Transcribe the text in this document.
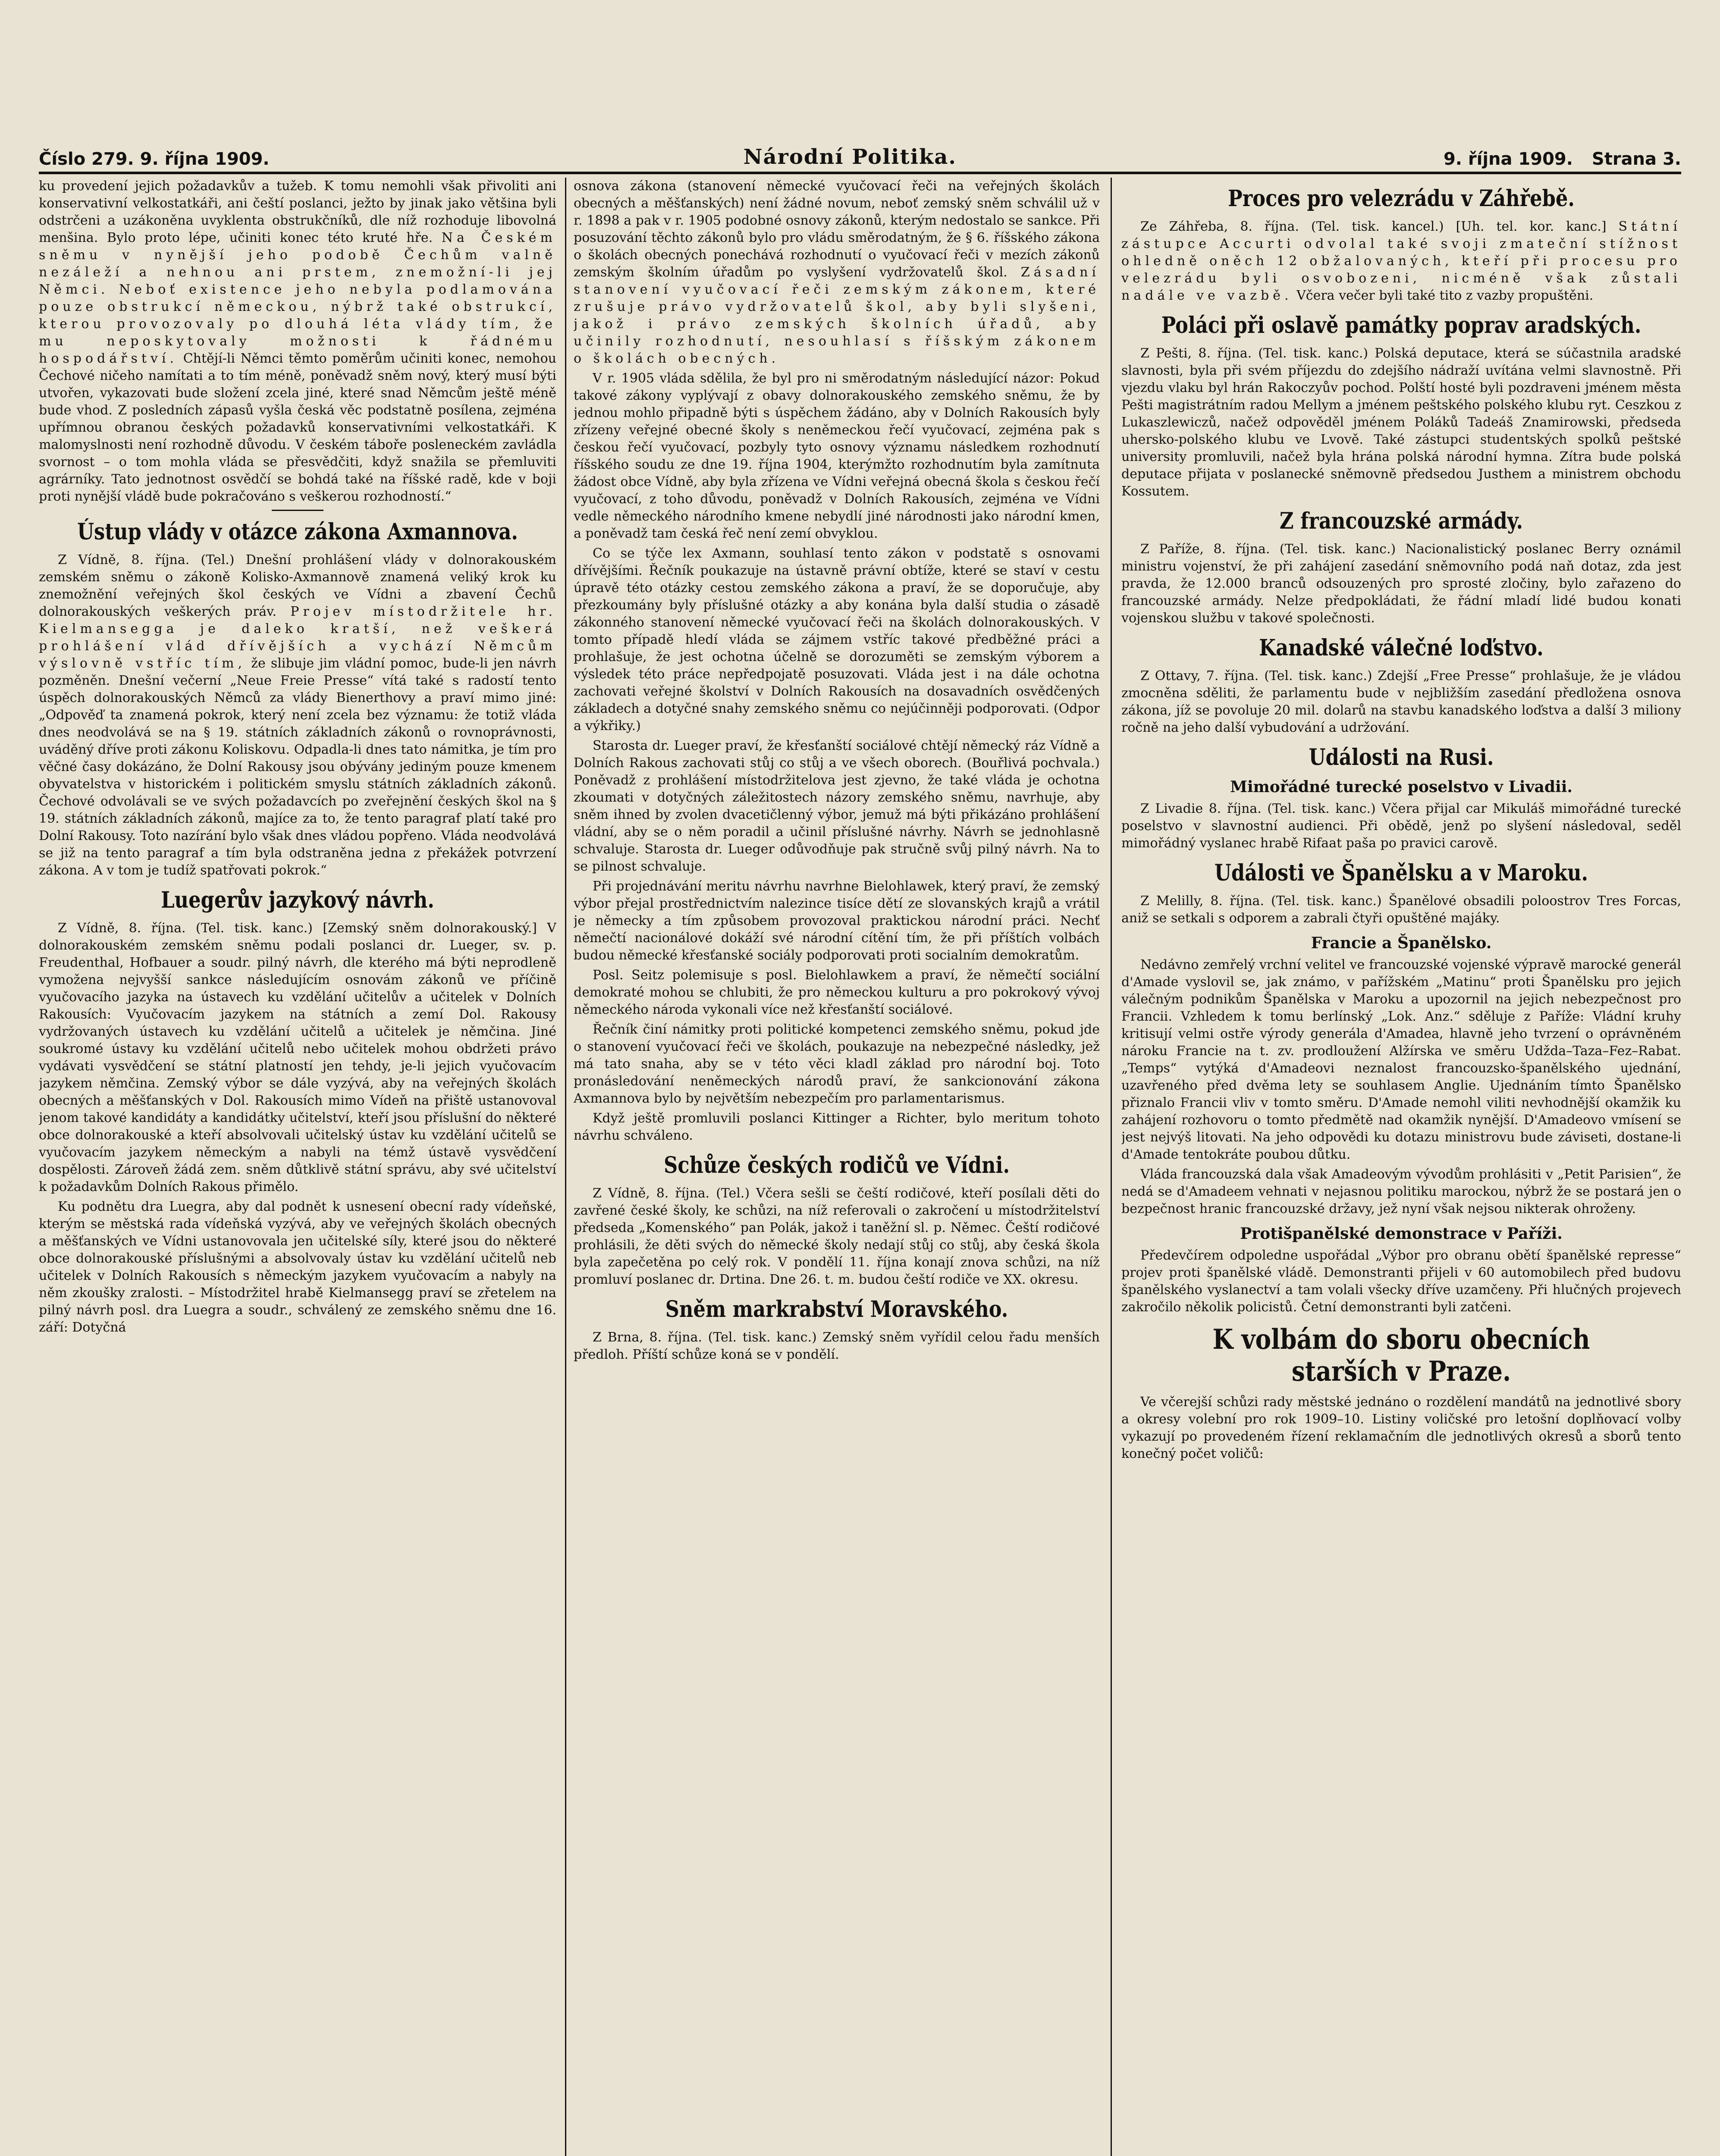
Číslo 279. 9. října 1909.	Národní Politika.	9. října 1909. Strana 3.

ku provedení jejich požadavkův a tužeb. K tomu nemohli však přivoliti ani konservativní velkostatkáři, ani čeští poslanci, ježto by jinak jako většina byli odstrčeni a uzákoněna uvyklenta obstrukčníků, dle níž rozhoduje libovolná menšina. Bylo proto lépe, učiniti konec této kruté hře. Na Českém sněmu v nynější jeho podobě Čechům valně nezáleží a nehnou ani prstem, znemožní-li jej Němci. Neboť existence jeho nebyla podlamována pouze obstrukcí německou, nýbrž také obstrukcí, kterou provozovaly po dlouhá léta vlády tím, že mu neposkytovaly možnosti k řádnému hospodářství. Chtějí-li Němci těmto poměrům učiniti konec, nemohou Čechové ničeho namítati a to tím méně, poněvadž sněm nový, který musí býti utvořen, vykazovati bude složení zcela jiné, které snad Němcům ještě méně bude vhod. Z posledních zápasů vyšla česká věc podstatně posílena, zejména upřímnou obranou českých požadavků konservativními velkostatkáři. K malomyslnosti není rozhodně důvodu. V českém táboře posleneckém zavládla svornost – o tom mohla vláda se přesvědčiti, když snažila se přemluviti agrárníky. Tato jednotnost osvědčí se bohdá také na říšské radě, kde v boji proti nynější vládě bude pokračováno s veškerou rozhodností.“

Ústup vlády v otázce zákona Axmannova.

Z Vídně, 8. října. (Tel.) Dnešní prohlášení vlády v dolnorakouském zemském sněmu o zákoně Kolisko-Axmannově znamená veliký krok ku znemožnění veřejných škol českých ve Vídni a zbavení Čechů dolnorakouských veškerých práv. Projev místodržitele hr. Kielmansegga je daleko kratší, než veškerá prohlášení vlád dřívějších a vychází Němcům výslovně vstříc tím, že slibuje jim vládní pomoc, bude-li jen návrh pozměněn. Dnešní večerní „Neue Freie Presse“ vítá také s radostí tento úspěch dolnorakouských Němců za vlády Bienerthovy a praví mimo jiné: „Odpověď ta znamená pokrok, který není zcela bez významu: že totiž vláda dnes neodvolává se na § 19. státních základních zákonů o rovnoprávnosti, uváděný dříve proti zákonu Koliskovu. Odpadla-li dnes tato námitka, je tím pro věčné časy dokázáno, že Dolní Rakousy jsou obývány jediným pouze kmenem obyvatelstva v historickém i politickém smyslu státních základních zákonů. Čechové odvolávali se ve svých požadavcích po zveřejnění českých škol na § 19. státních základních zákonů, majíce za to, že tento paragraf platí také pro Dolní Rakousy. Toto nazírání bylo však dnes vládou popřeno. Vláda neodvolává se již na tento paragraf a tím byla odstraněna jedna z překážek potvrzení zákona. A v tom je tudíž spatřovati pokrok.“

Luegerův jazykový návrh.

Z Vídně, 8. října. (Tel. tisk. kanc.) [Zemský sněm dolnorakouský.] V dolnorakouském zemském sněmu podali poslanci dr. Lueger, sv. p. Freudenthal, Hofbauer a soudr. pilný návrh, dle kterého má býti neprodleně vymožena nejvyšší sankce následujícím osnovám zákonů ve příčině vyučovacího jazyka na ústavech ku vzdělání učitelův a učitelek v Dolních Rakousích: Vyučovacím jazykem na státních a zemí Dol. Rakousy vydržovaných ústavech ku vzdělání učitelů a učitelek je němčina. Jiné soukromé ústavy ku vzdělání učitelů nebo učitelek mohou obdržeti právo vydávati vysvědčení se státní platností jen tehdy, je-li jejich vyučovacím jazykem němčina. Zemský výbor se dále vyzývá, aby na veřejných školách obecných a měšťanských v Dol. Rakousích mimo Vídeň na přiště ustanovoval jenom takové kandidáty a kandidátky učitelství, kteří jsou příslušní do některé obce dolnorakouské a kteří absolvovali učitelský ústav ku vzdělání učitelů se vyučovacím jazykem německým a nabyli na témž ústavě vysvědčení dospělosti. Zároveň žádá zem. sněm důtklivě státní správu, aby své učitelství k požadavkům Dolních Rakous přimělo.

Ku podnětu dra Luegra, aby dal podnět k usnesení obecní rady vídeňské, kterým se městská rada vídeňská vyzývá, aby ve veřejných školách obecných a měšťanských ve Vídni ustanovovala jen učitelské síly, které jsou do některé obce dolnorakouské příslušnými a absolvovaly ústav ku vzdělání učitelů neb učitelek v Dolních Rakousích s německým jazykem vyučovacím a nabyly na něm zkoušky zralosti. – Místodržitel hrabě Kielmansegg praví se zřetelem na pilný návrh posl. dra Luegra a soudr., schválený ze zemského sněmu dne 16. září: Dotyčná

osnova zákona (stanovení německé vyučovací řeči na veřejných školách obecných a měšťanských) není žádné novum, neboť zemský sněm schválil už v r. 1898 a pak v r. 1905 podobné osnovy zákonů, kterým nedostalo se sankce. Při posuzování těchto zákonů bylo pro vládu směrodatným, že § 6. říšského zákona o školách obecných ponechává rozhodnutí o vyučovací řeči v mezích zákonů zemským školním úřadům po vyslyšení vydržovatelů škol. Zásadní stanovení vyučovací řeči zemským zákonem, které zrušuje právo vydržovatelů škol, aby byli slyšeni, jakož i právo zemských školních úřadů, aby učinily rozhodnutí, nesouhlasí s říšským zákonem o školách obecných.

V r. 1905 vláda sdělila, že byl pro ni směrodatným následující názor: Pokud takové zákony vyplývají z obavy dolnorakouského zemského sněmu, že by jednou mohlo připadně býti s úspěchem žádáno, aby v Dolních Rakousích byly zřízeny veřejné obecné školy s neněmeckou řečí vyučovací, zejména pak s českou řečí vyučovací, pozbyly tyto osnovy významu následkem rozhodnutí říšského soudu ze dne 19. října 1904, kterýmžto rozhodnutím byla zamítnuta žádost obce Vídně, aby byla zřízena ve Vídni veřejná obecná škola s českou řečí vyučovací, z toho důvodu, poněvadž v Dolních Rakousích, zejména ve Vídni vedle německého národního kmene nebydlí jiné národnosti jako národní kmen, a poněvadž tam česká řeč není zemí obvyklou.

Co se týče lex Axmann, souhlasí tento zákon v podstatě s osnovami dřívějšími. Řečník poukazuje na ústavně právní obtíže, které se staví v cestu úpravě této otázky cestou zemského zákona a praví, že se doporučuje, aby přezkoumány byly příslušné otázky a aby konána byla další studia o zásadě zákonného stanovení německé vyučovací řeči na školách dolnorakouských. V tomto případě hledí vláda se zájmem vstříc takové předběžné práci a prohlašuje, že jest ochotna účelně se dorozuměti se zemským výborem a výsledek této práce nepředpojatě posuzovati. Vláda jest i na dále ochotna zachovati veřejné školství v Dolních Rakousích na dosavadních osvědčených základech a dotyčné snahy zemského sněmu co nejúčinněji podporovati. (Odpor a výkřiky.)

Starosta dr. Lueger praví, že křesťanští sociálové chtějí německý ráz Vídně a Dolních Rakous zachovati stůj co stůj a ve všech oborech. (Bouřlivá pochvala.) Poněvadž z prohlášení místodržitelova jest zjevno, že také vláda je ochotna zkoumati v dotyčných záležitostech názory zemského sněmu, navrhuje, aby sněm ihned by zvolen dvacetičlenný výbor, jemuž má býti přikázáno prohlášení vládní, aby se o něm poradil a učinil příslušné návrhy. Návrh se jednohlasně schvaluje. Starosta dr. Lueger odůvodňuje pak stručně svůj pilný návrh. Na to se pilnost schvaluje.

Při projednávání meritu návrhu navrhne Bielohlawek, který praví, že zemský výbor přejal prostřednictvím nalezince tisíce dětí ze slovanských krajů a vrátil je německy a tím způsobem provozoval praktickou národní práci. Nechť němečtí nacionálové dokáží své národní cítění tím, že při příštích volbách budou německé křesťanské sociály podporovati proti socialním demokratům.

Posl. Seitz polemisuje s posl. Bielohlawkem a praví, že němečtí sociální demokraté mohou se chlubiti, že pro německou kulturu a pro pokrokový vývoj německého národa vykonali více než křesťanští sociálové.

Řečník činí námitky proti politické kompetenci zemského sněmu, pokud jde o stanovení vyučovací řeči ve školách, poukazuje na nebezpečné následky, jež má tato snaha, aby se v této věci kladl základ pro národní boj. Toto pronásledování neněmeckých národů praví, že sankcionování zákona Axmannova bylo by největším nebezpečím pro parlamentarismus.

Když ještě promluvili poslanci Kittinger a Richter, bylo meritum tohoto návrhu schváleno.

Schůze českých rodičů ve Vídni.

Z Vídně, 8. října. (Tel.) Včera sešli se čeští rodičové, kteří posílali děti do zavřené české školy, ke schůzi, na níž referovali o zakročení u místodržitelství předseda „Komenského“ pan Polák, jakož i taněžní sl. p. Němec. Čeští rodičové prohlásili, že děti svých do německé školy nedají stůj co stůj, aby česká škola byla zapečetěna po celý rok. V pondělí 11. října konají znova schůzi, na níž promluví poslanec dr. Drtina. Dne 26. t. m. budou čeští rodiče ve XX. okresu.

Sněm markrabství Moravského.

Z Brna, 8. října. (Tel. tisk. kanc.) Zemský sněm vyřídil celou řadu menších předloh. Příští schůze koná se v pondělí.

Proces pro velezrádu v Záhřebě.

Ze Záhřeba, 8. října. (Tel. tisk. kancel.) [Uh. tel. kor. kanc.] Státní zástupce Accurti odvolal také svoji zmateční stížnost ohledně oněch 12 obžalovaných, kteří při procesu pro velezrádu byli osvobozeni, nicméně však zůstali nadále ve vazbě. Včera večer byli také tito z vazby propuštěni.

Poláci při oslavě památky poprav aradských.

Z Pešti, 8. října. (Tel. tisk. kanc.) Polská deputace, která se súčastnila aradské slavnosti, byla při svém příjezdu do zdejšího nádraží uvítána velmi slavnostně. Při vjezdu vlaku byl hrán Rakoczyův pochod. Polští hosté byli pozdraveni jménem města Pešti magistrátním radou Mellym a jménem peštského polského klubu ryt. Ceszkou z Lukaszlewiczů, načež odpověděl jménem Poláků Tadeáš Znamirowski, předseda uhersko-polského klubu ve Lvově. Také zástupci studentských spolků peštské university promluvili, načež byla hrána polská národní hymna. Zítra bude polská deputace přijata v poslanecké sněmovně předsedou Justhem a ministrem obchodu Kossutem.

Z francouzské armády.

Z Paříže, 8. října. (Tel. tisk. kanc.) Nacionalistický poslanec Berry oznámil ministru vojenství, že při zahájení zasedání sněmovního podá naň dotaz, zda jest pravda, že 12.000 branců odsouzených pro sprosté zločiny, bylo zařazeno do francouzské armády. Nelze předpokládati, že řádní mladí lidé budou konati vojenskou službu v takové společnosti.

Kanadské válečné loďstvo.

Z Ottavy, 7. října. (Tel. tisk. kanc.) Zdejší „Free Presse“ prohlašuje, že je vládou zmocněna sděliti, že parlamentu bude v nejbližším zasedání předložena osnova zákona, jíž se povoluje 20 mil. dolarů na stavbu kanadského loďstva a další 3 miliony ročně na jeho další vybudování a udržování.

Události na Rusi.
Mimořádné turecké poselstvo v Livadii.

Z Livadie 8. října. (Tel. tisk. kanc.) Včera přijal car Mikuláš mimořádné turecké poselstvo v slavnostní audienci. Při obědě, jenž po slyšení následoval, seděl mimořádný vyslanec hrabě Rifaat paša po pravici carově.

Události ve Španělsku a v Maroku.

Z Melilly, 8. října. (Tel. tisk. kanc.) Španělové obsadili poloostrov Tres Forcas, aniž se setkali s odporem a zabrali čtyři opuštěné majáky.

Francie a Španělsko.

Nedávno zemřelý vrchní velitel ve francouzské vojenské výpravě marocké generál d'Amade vyslovil se, jak známo, v pařížském „Matinu“ proti Španělsku pro jejich válečným podnikům Španělska v Maroku a upozornil na jejich nebezpečnost pro Francii. Vzhledem k tomu berlínský „Lok. Anz.“ sděluje z Paříže: Vládní kruhy kritisují velmi ostře výrody generála d'Amadea, hlavně jeho tvrzení o oprávněném nároku Francie na t. zv. prodloužení Alžírska ve směru Udžda–Taza–Fez–Rabat. „Temps“ vytýká d'Amadeovi neznalost francouzsko-španělského ujednání, uzavřeného před dvěma lety se souhlasem Anglie. Ujednáním tímto Španělsko přiznalo Francii vliv v tomto směru. D'Amade nemohl viliti nevhodnější okamžik ku zahájení rozhovoru o tomto předmětě nad okamžik nynější. D'Amadeovo vmísení se jest nejvýš litovati. Na jeho odpovědi ku dotazu ministrovu bude záviseti, dostane-li d'Amade tentokráte poubou důtku.

Vláda francouzská dala však Amadeovým vývodům prohlásiti v „Petit Parisien“, že nedá se d'Amadeem vehnati v nejasnou politiku marockou, nýbrž že se postará jen o bezpečnost hranic francouzské državy, jež nyní však nejsou nikterak ohroženy.

Protišpanělské demonstrace v Paříži.

Předevčírem odpoledne uspořádal „Výbor pro obranu obětí španělské represse“ projev proti španělské vládě. Demonstranti přijeli v 60 automobilech před budovu španělského vyslanectví a tam volali všecky dříve uzamčeny. Při hlučných projevech zakročilo několik policistů. Četní demonstranti byli zatčeni.

K volbám do sboru obecních starších v Praze.

Ve včerejší schůzi rady městské jednáno o rozdělení mandátů na jednotlivé sbory a okresy volební pro rok 1909–10. Listiny voličské pro letošní doplňovací volby vykazují po provedeném řízení reklamačním dle jednotlivých okresů a sborů tento konečný počet voličů:
